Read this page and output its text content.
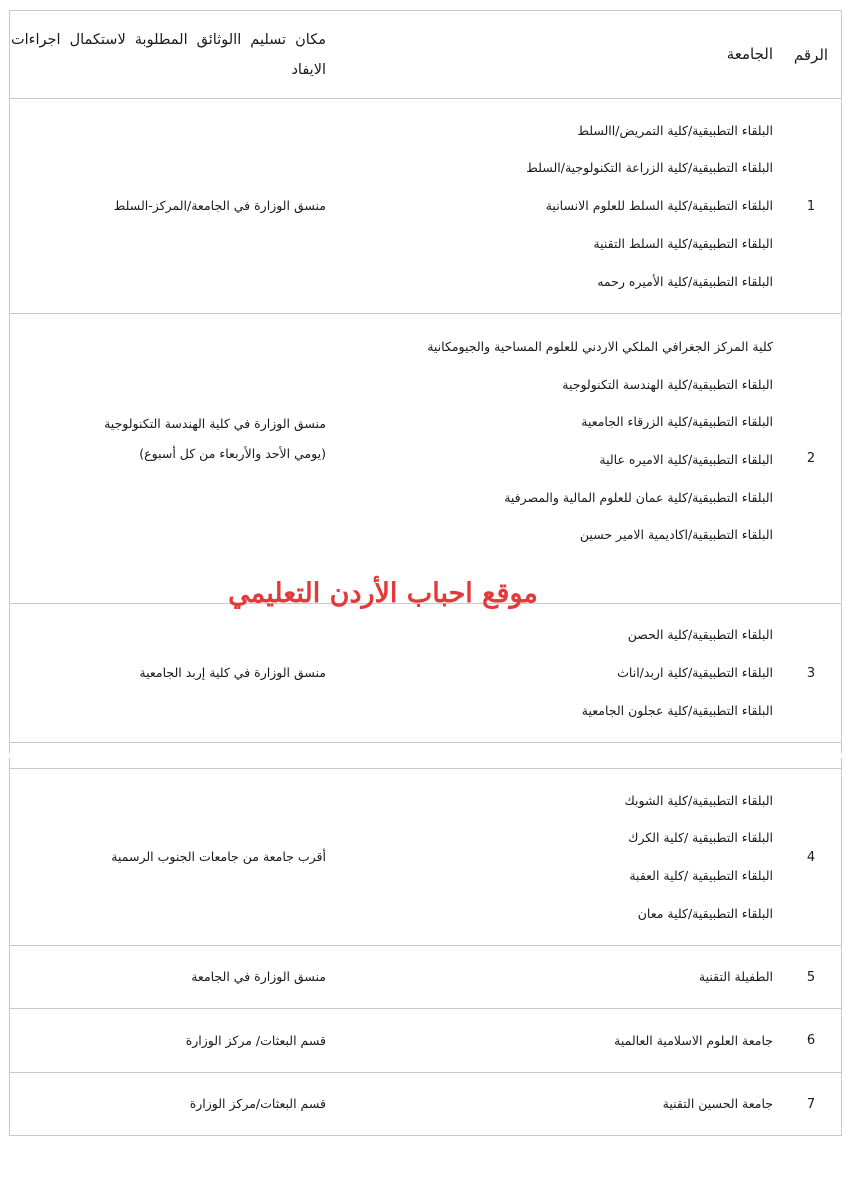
الرقم
الجامعة
مكان تسليم االوثائق المطلوبة لاستكمال اجراءات الايفاد
1
البلقاء التطبيقية/كلية التمريض/االسلط
البلقاء التطبيقية/كلية الزراعة التكنولوجية/السلط
البلقاء التطبيقية/كلية السلط للعلوم الانسانية
البلقاء التطبيقية/كلية السلط التقنية
البلقاء التطبيقية/كلية الأميره رحمه
منسق الوزارة في الجامعة/المركز-السلط
2
كلية المركز الجغرافي الملكي الاردني للعلوم المساحية والجيومكانية
البلقاء التطبيقية/كلية الهندسة التكنولوجية
البلقاء التطبيقية/كلية الزرقاء الجامعية
البلقاء التطبيقية/كلية الاميره عالية
البلقاء التطبيقية/كلية عمان للعلوم المالية والمصرفية
البلقاء التطبيقية/اكاديمية الامير حسين
منسق الوزارة في كلية الهندسة التكنولوجية
(يومي الأحد والأربعاء من كل أسبوع)
3
البلقاء التطبيقية/كلية الحصن
البلقاء التطبيقية/كلية اربد/اناث
البلقاء التطبيقية/كلية عجلون الجامعية
منسق الوزارة في كلية إربد الجامعية
4
البلقاء التطبيقية/كلية الشوبك
البلقاء التطبيقية /كلية الكرك
البلقاء التطبيقية /كلية العقبة
البلقاء التطبيقية/كلية معان
أقرب جامعة من جامعات الجنوب الرسمية
5
الطفيلة التقنية
منسق الوزارة في الجامعة
6
جامعة العلوم الاسلامية العالمية
قسم البعثات/ مركز الوزارة
7
جامعة الحسين التقنية
قسم البعثات/مركز الوزارة
موقع احباب الأردن التعليمي
